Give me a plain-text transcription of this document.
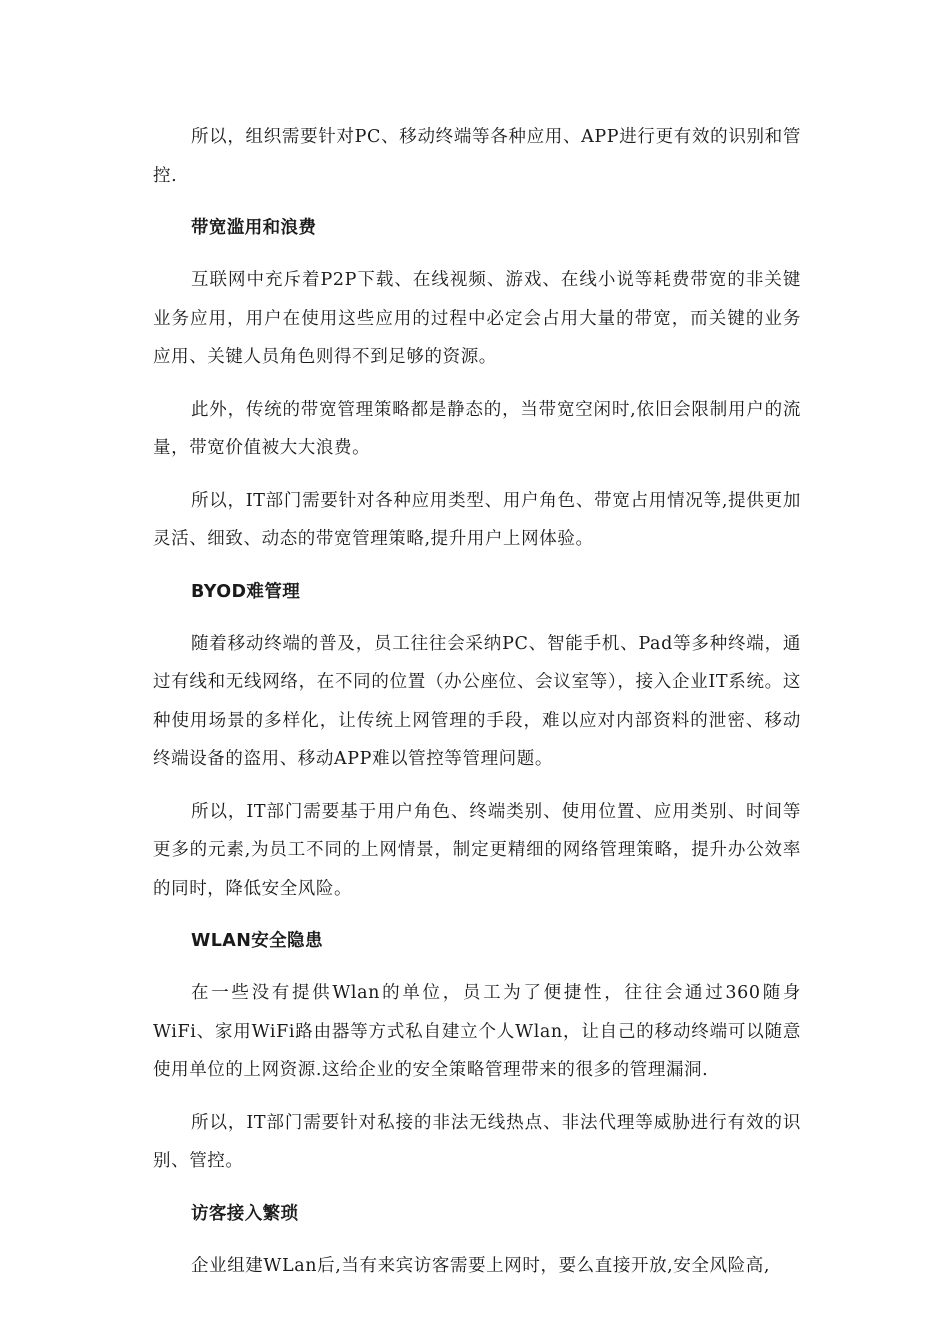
所以，组织需要针对PC、移动终端等各种应用、APP进行更有效的识别和管控.

带宽滥用和浪费

互联网中充斥着P2P下载、在线视频、游戏、在线小说等耗费带宽的非关键业务应用，用户在使用这些应用的过程中必定会占用大量的带宽，而关键的业务应用、关键人员角色则得不到足够的资源。

此外，传统的带宽管理策略都是静态的，当带宽空闲时,依旧会限制用户的流量，带宽价值被大大浪费。

所以，IT部门需要针对各种应用类型、用户角色、带宽占用情况等,提供更加灵活、细致、动态的带宽管理策略,提升用户上网体验。

BYOD难管理

随着移动终端的普及，员工往往会采纳PC、智能手机、Pad等多种终端，通过有线和无线网络，在不同的位置（办公座位、会议室等），接入企业IT系统。这种使用场景的多样化，让传统上网管理的手段，难以应对内部资料的泄密、移动终端设备的盗用、移动APP难以管控等管理问题。

所以，IT部门需要基于用户角色、终端类别、使用位置、应用类别、时间等更多的元素,为员工不同的上网情景，制定更精细的网络管理策略，提升办公效率的同时，降低安全风险。

WLAN安全隐患

在一些没有提供Wlan的单位，员工为了便捷性，往往会通过360随身WiFi、家用WiFi路由器等方式私自建立个人Wlan，让自己的移动终端可以随意使用单位的上网资源.这给企业的安全策略管理带来的很多的管理漏洞.

所以，IT部门需要针对私接的非法无线热点、非法代理等威胁进行有效的识别、管控。

访客接入繁琐

企业组建WLan后,当有来宾访客需要上网时，要么直接开放,安全风险高,
